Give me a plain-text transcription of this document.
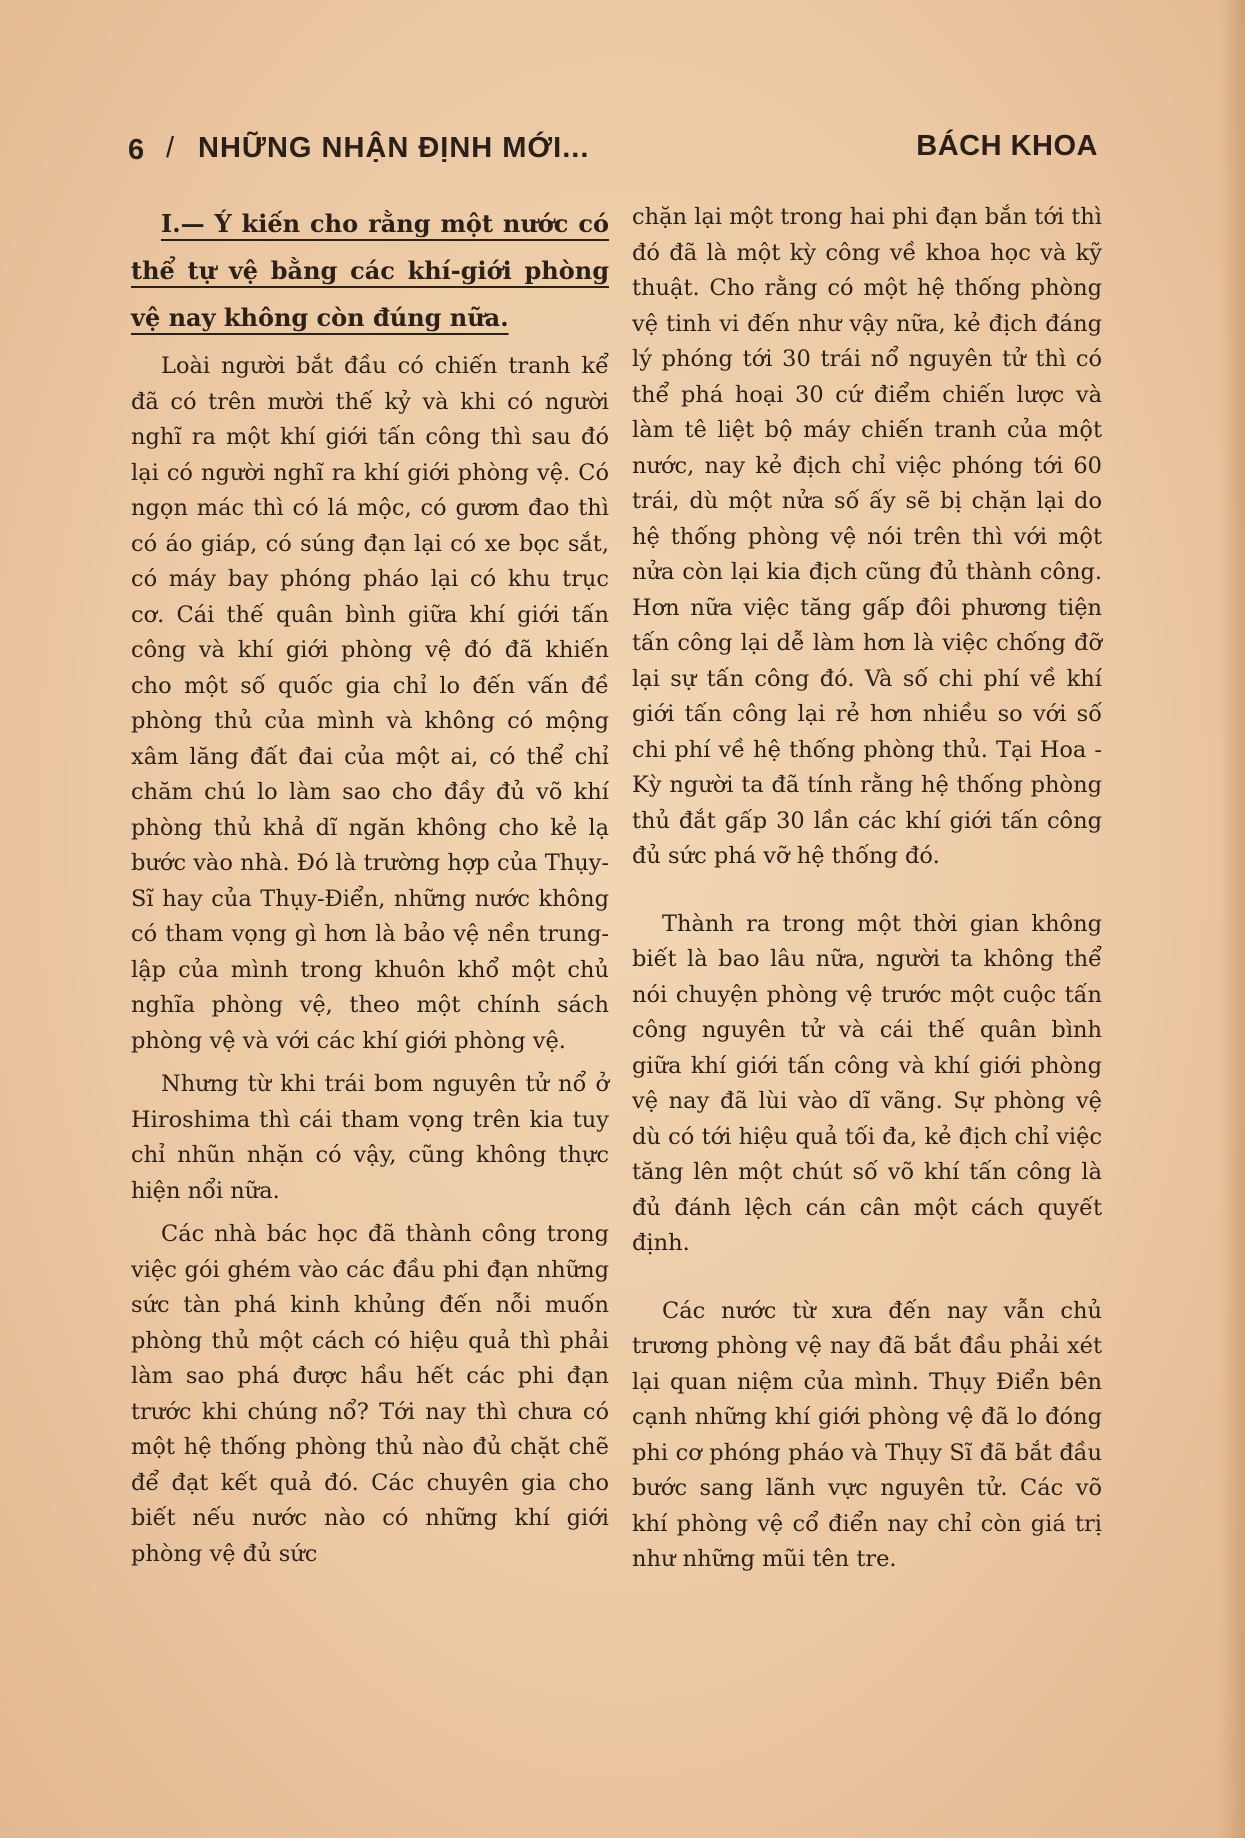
6 / NHỮNG NHẬN ĐỊNH MỚI...	BÁCH KHOA

I.— Ý kiến cho rằng một nước có thể tự vệ bằng các khí-giới phòng vệ nay không còn đúng nữa.

Loài người bắt đầu có chiến tranh kể đã có trên mười thế kỷ và khi có người nghĩ ra một khí giới tấn công thì sau đó lại có người nghĩ ra khí giới phòng vệ. Có ngọn mác thì có lá mộc, có gươm đao thì có áo giáp, có súng đạn lại có xe bọc sắt, có máy bay phóng pháo lại có khu trục cơ. Cái thế quân bình giữa khí giới tấn công và khí giới phòng vệ đó đã khiến cho một số quốc gia chỉ lo đến vấn đề phòng thủ của mình và không có mộng xâm lăng đất đai của một ai, có thể chỉ chăm chú lo làm sao cho đầy đủ võ khí phòng thủ khả dĩ ngăn không cho kẻ lạ bước vào nhà. Đó là trường hợp của Thụy-Sĩ hay của Thụy-Điển, những nước không có tham vọng gì hơn là bảo vệ nền trung-lập của mình trong khuôn khổ một chủ nghĩa phòng vệ, theo một chính sách phòng vệ và với các khí giới phòng vệ.

Nhưng từ khi trái bom nguyên tử nổ ở Hiroshima thì cái tham vọng trên kia tuy chỉ nhũn nhặn có vậy, cũng không thực hiện nổi nữa.

Các nhà bác học đã thành công trong việc gói ghém vào các đầu phi đạn những sức tàn phá kinh khủng đến nỗi muốn phòng thủ một cách có hiệu quả thì phải làm sao phá được hầu hết các phi đạn trước khi chúng nổ? Tới nay thì chưa có một hệ thống phòng thủ nào đủ chặt chẽ để đạt kết quả đó. Các chuyên gia cho biết nếu nước nào có những khí giới phòng vệ đủ sức

chặn lại một trong hai phi đạn bắn tới thì đó đã là một kỳ công về khoa học và kỹ thuật. Cho rằng có một hệ thống phòng vệ tinh vi đến như vậy nữa, kẻ địch đáng lý phóng tới 30 trái nổ nguyên tử thì có thể phá hoại 30 cứ điểm chiến lược và làm tê liệt bộ máy chiến tranh của một nước, nay kẻ địch chỉ việc phóng tới 60 trái, dù một nửa số ấy sẽ bị chặn lại do hệ thống phòng vệ nói trên thì với một nửa còn lại kia địch cũng đủ thành công. Hơn nữa việc tăng gấp đôi phương tiện tấn công lại dễ làm hơn là việc chống đỡ lại sự tấn công đó. Và số chi phí về khí giới tấn công lại rẻ hơn nhiều so với số chi phí về hệ thống phòng thủ. Tại Hoa - Kỳ người ta đã tính rằng hệ thống phòng thủ đắt gấp 30 lần các khí giới tấn công đủ sức phá vỡ hệ thống đó.

Thành ra trong một thời gian không biết là bao lâu nữa, người ta không thể nói chuyện phòng vệ trước một cuộc tấn công nguyên tử và cái thế quân bình giữa khí giới tấn công và khí giới phòng vệ nay đã lùi vào dĩ vãng. Sự phòng vệ dù có tới hiệu quả tối đa, kẻ địch chỉ việc tăng lên một chút số võ khí tấn công là đủ đánh lệch cán cân một cách quyết định.

Các nước từ xưa đến nay vẫn chủ trương phòng vệ nay đã bắt đầu phải xét lại quan niệm của mình. Thụy Điển bên cạnh những khí giới phòng vệ đã lo đóng phi cơ phóng pháo và Thụy Sĩ đã bắt đầu bước sang lãnh vực nguyên tử. Các võ khí phòng vệ cổ điển nay chỉ còn giá trị như những mũi tên tre.
